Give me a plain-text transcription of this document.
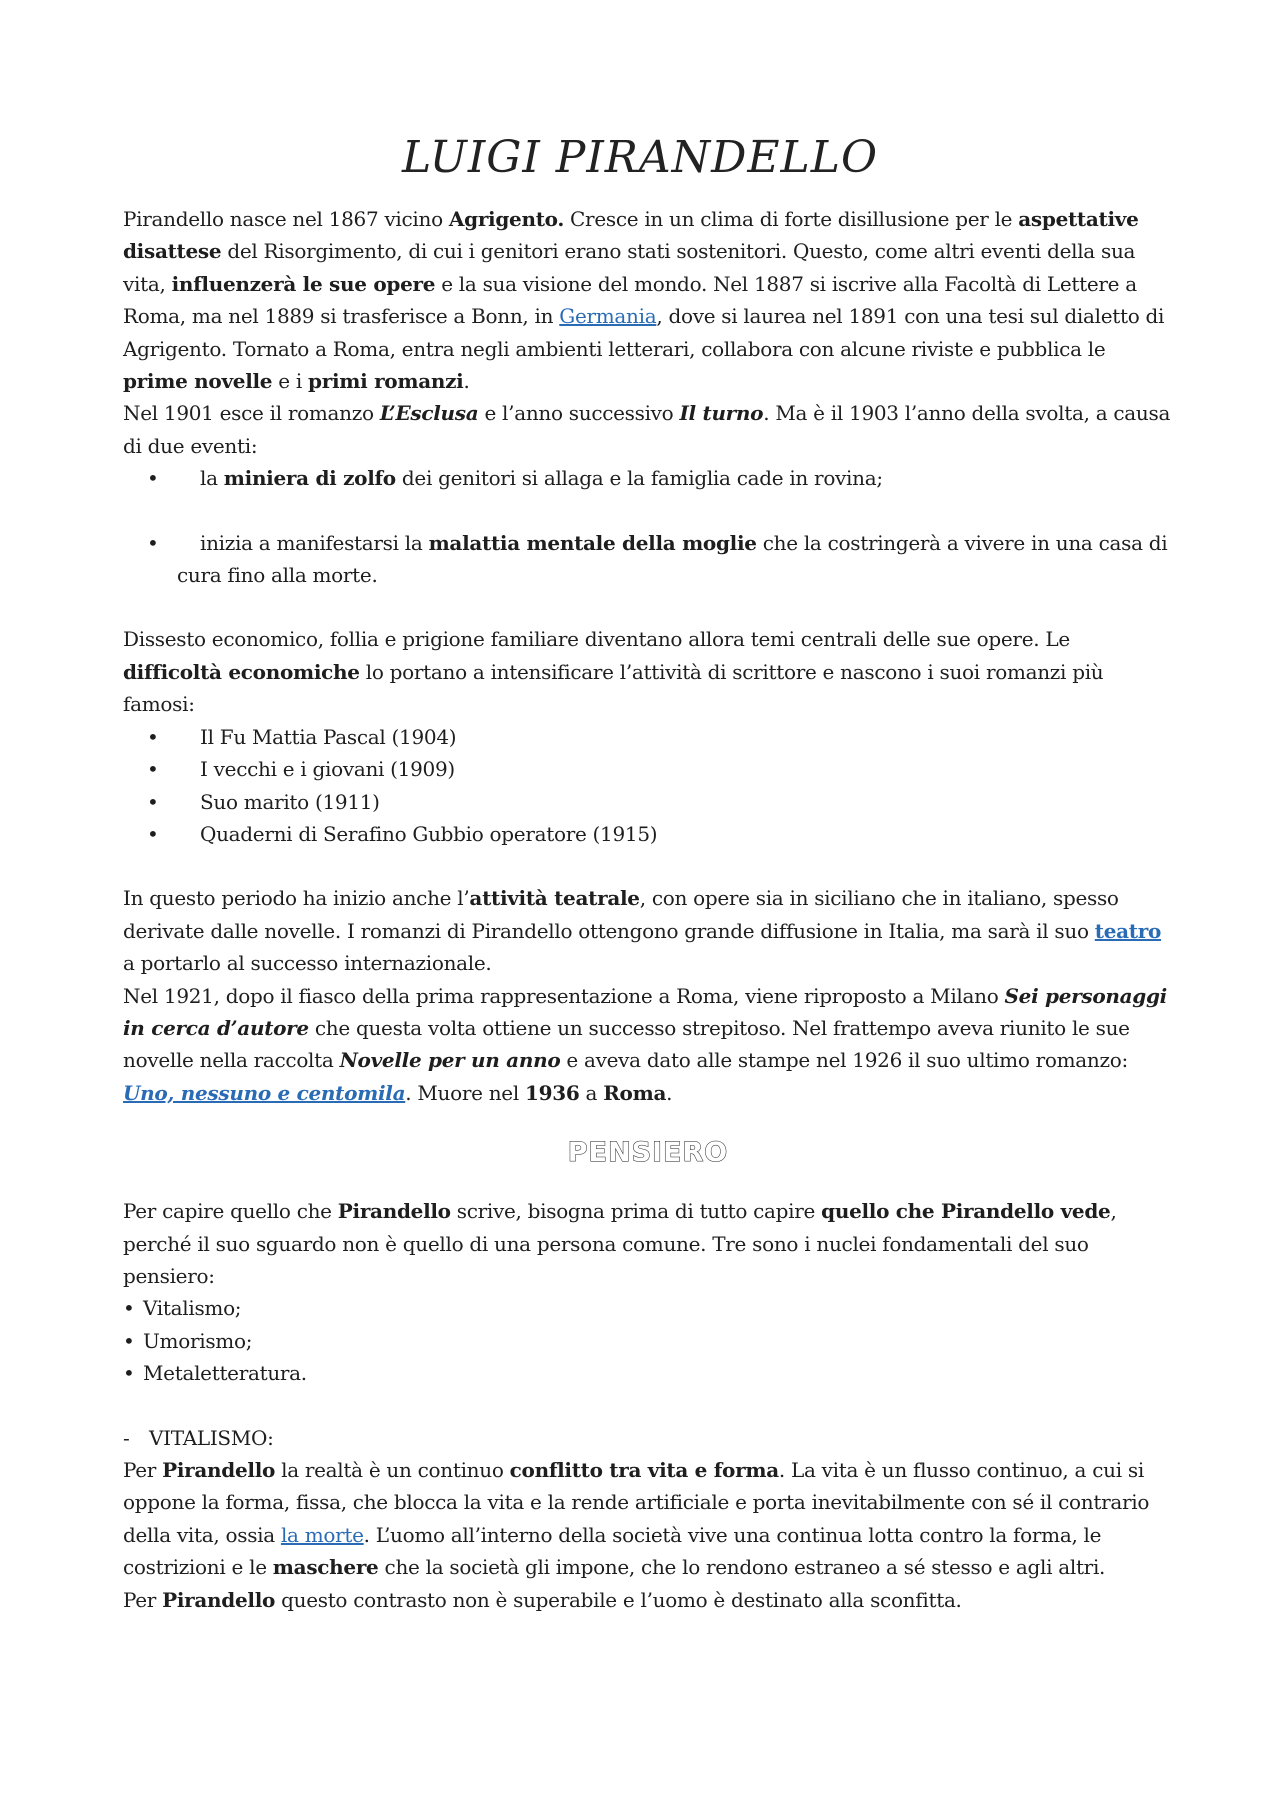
LUIGI PIRANDELLO

Pirandello nasce nel 1867 vicino Agrigento. Cresce in un clima di forte disillusione per le aspettative disattese del Risorgimento, di cui i genitori erano stati sostenitori. Questo, come altri eventi della sua vita, influenzerà le sue opere e la sua visione del mondo. Nel 1887 si iscrive alla Facoltà di Lettere a Roma, ma nel 1889 si trasferisce a Bonn, in Germania, dove si laurea nel 1891 con una tesi sul dialetto di Agrigento. Tornato a Roma, entra negli ambienti letterari, collabora con alcune riviste e pubblica le prime novelle e i primi romanzi.

Nel 1901 esce il romanzo L’Esclusa e l’anno successivo Il turno. Ma è il 1903 l’anno della svolta, a causa di due eventi:

• la miniera di zolfo dei genitori si allaga e la famiglia cade in rovina;
• inizia a manifestarsi la malattia mentale della moglie che la costringerà a vivere in una casa di cura fino alla morte.

Dissesto economico, follia e prigione familiare diventano allora temi centrali delle sue opere. Le difficoltà economiche lo portano a intensificare l’attività di scrittore e nascono i suoi romanzi più famosi:

• Il Fu Mattia Pascal (1904)
• I vecchi e i giovani (1909)
• Suo marito (1911)
• Quaderni di Serafino Gubbio operatore (1915)

In questo periodo ha inizio anche l’attività teatrale, con opere sia in siciliano che in italiano, spesso derivate dalle novelle. I romanzi di Pirandello ottengono grande diffusione in Italia, ma sarà il suo teatro a portarlo al successo internazionale.

Nel 1921, dopo il fiasco della prima rappresentazione a Roma, viene riproposto a Milano Sei personaggi in cerca d’autore che questa volta ottiene un successo strepitoso. Nel frattempo aveva riunito le sue novelle nella raccolta Novelle per un anno e aveva dato alle stampe nel 1926 il suo ultimo romanzo: Uno, nessuno e centomila. Muore nel 1936 a Roma.

PENSIERO

Per capire quello che Pirandello scrive, bisogna prima di tutto capire quello che Pirandello vede, perché il suo sguardo non è quello di una persona comune. Tre sono i nuclei fondamentali del suo pensiero:

• Vitalismo;
• Umorismo;
• Metaletteratura.

- VITALISMO:

Per Pirandello la realtà è un continuo conflitto tra vita e forma. La vita è un flusso continuo, a cui si oppone la forma, fissa, che blocca la vita e la rende artificiale e porta inevitabilmente con sé il contrario della vita, ossia la morte. L’uomo all’interno della società vive una continua lotta contro la forma, le costrizioni e le maschere che la società gli impone, che lo rendono estraneo a sé stesso e agli altri.

Per Pirandello questo contrasto non è superabile e l’uomo è destinato alla sconfitta.
